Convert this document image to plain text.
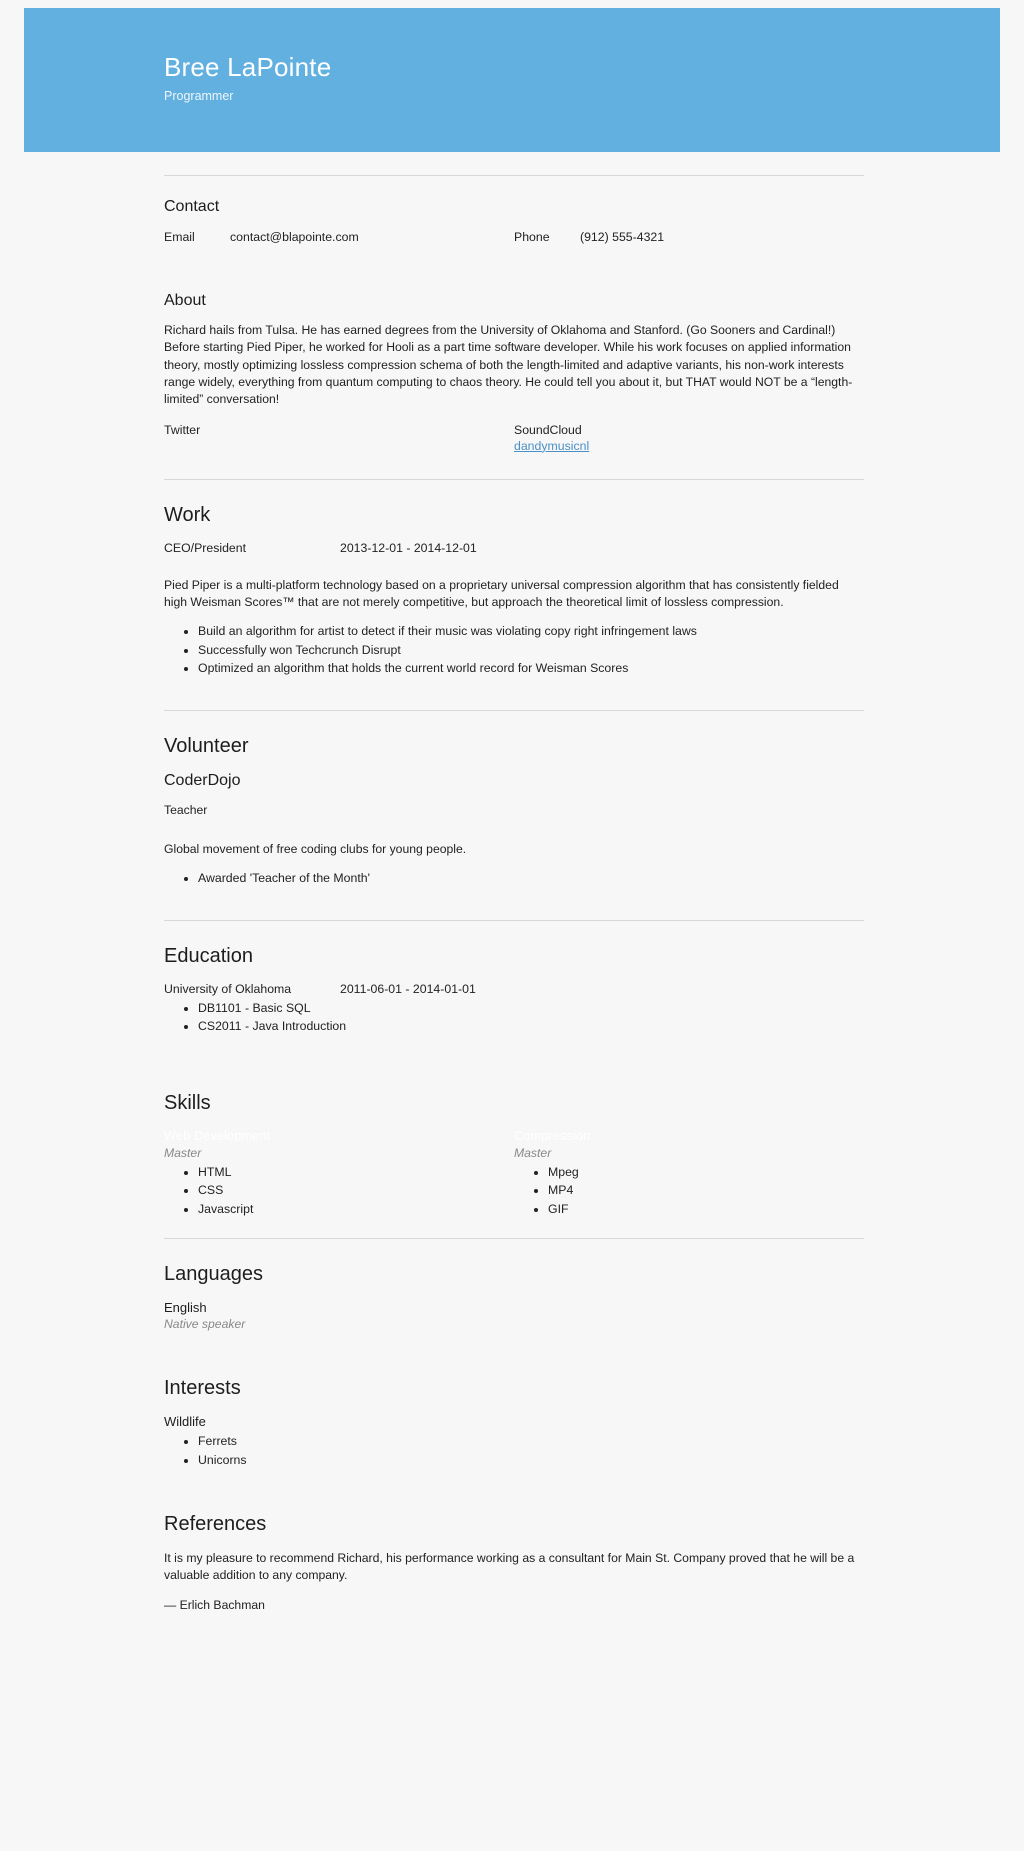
Bree LaPointe
Programmer
Contact
Email	contact@blapointe.com	Phone	(912) 555-4321
About

Richard hails from Tulsa. He has earned degrees from the University of Oklahoma and Stanford. (Go Sooners and Cardinal!) Before starting Pied Piper, he worked for Hooli as a part time software developer. While his work focuses on applied information theory, mostly optimizing lossless compression schema of both the length-limited and adaptive variants, his non-work interests range widely, everything from quantum computing to chaos theory. He could tell you about it, but THAT would NOT be a “length-limited” conversation!

Twitter	SoundCloud
dandymusicnl
Work
CEO/President	2013-12-01 - 2014-12-01

Pied Piper is a multi-platform technology based on a proprietary universal compression algorithm that has consistently fielded high Weisman Scores™ that are not merely competitive, but approach the theoretical limit of lossless compression.

• Build an algorithm for artist to detect if their music was violating copy right infringement laws
• Successfully won Techcrunch Disrupt
• Optimized an algorithm that holds the current world record for Weisman Scores
Volunteer
CoderDojo

Teacher

Global movement of free coding clubs for young people.

• Awarded 'Teacher of the Month'
Education
University of Oklahoma	2011-06-01 - 2014-01-01
• DB1101 - Basic SQL
• CS2011 - Java Introduction
Skills
Web Development
Master
• HTML
• CSS
• Javascript
Compression
Master
• Mpeg
• MP4
• GIF
Languages
English
Native speaker
Interests
Wildlife
• Ferrets
• Unicorns
References

It is my pleasure to recommend Richard, his performance working as a consultant for Main St. Company proved that he will be a valuable addition to any company.

— Erlich Bachman
